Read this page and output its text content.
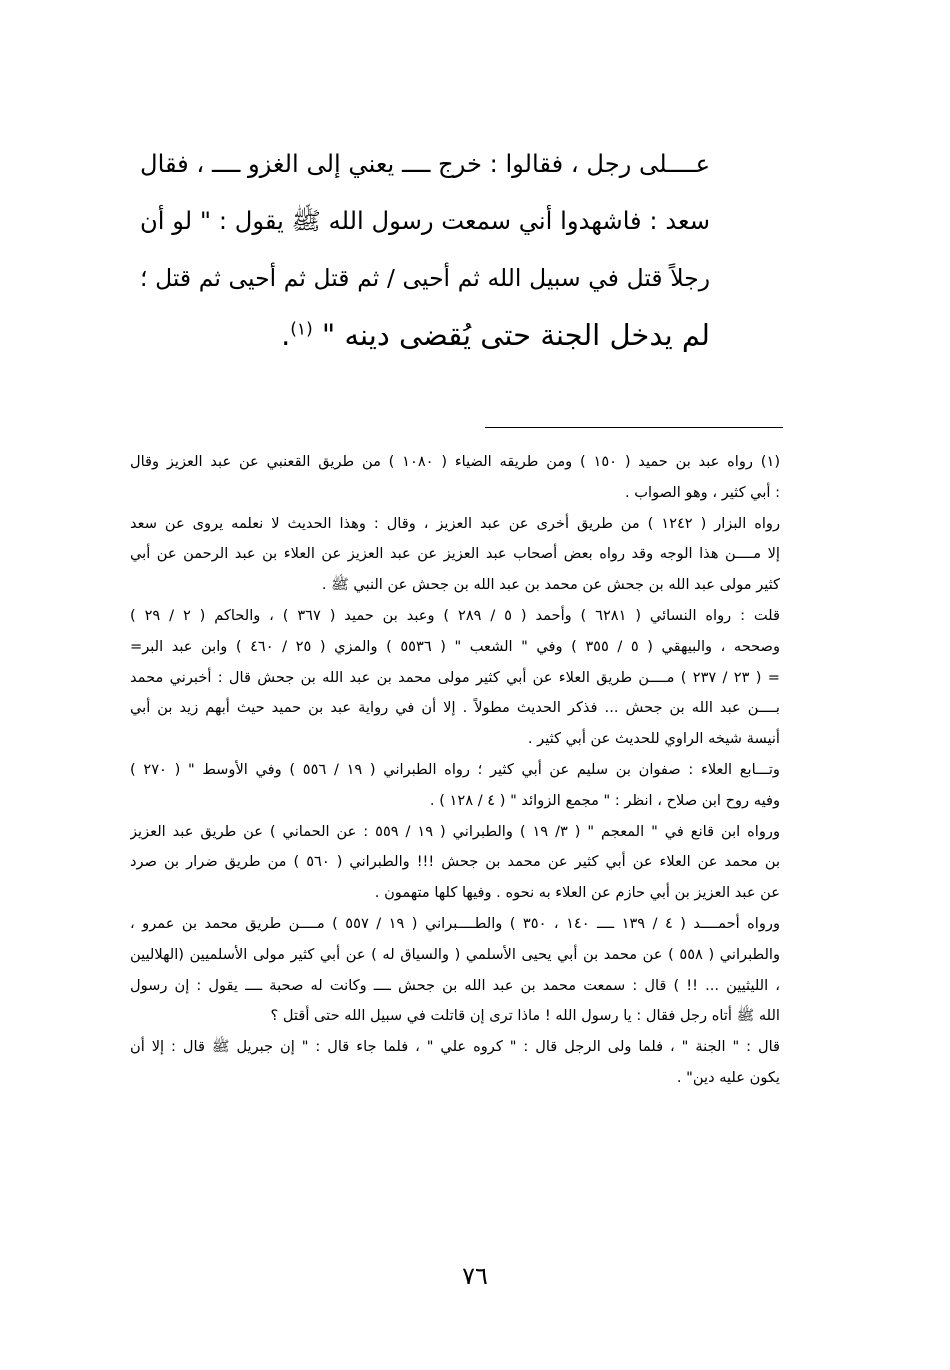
عــــلى رجل ، فقالوا : خرج ــــ يعني إلى الغزو ــــ ، فقال

سعد : فاشهدوا أني سمعت رسول الله ﷺ يقول : " لو أن

رجلاً قتل في سبيل الله ثم أحيى / ثم قتل ثم أحيى ثم قتل ؛

لم يدخل الجنة حتى يُقضى دينه " $^{(١)}$.

(١) رواه عبد بن حميد ( ١٥٠ ) ومن طريقه الضياء ( ١٠٨٠ ) من طريق القعنبي عن عبد العزيز وقال
: أبي كثير ، وهو الصواب .
رواه البزار ( ١٢٤٢ ) من طريق أخرى عن عبد العزيز ، وقال : وهذا الحديث لا نعلمه يروى عن سعد
إلا مــــن هذا الوجه وقد رواه بعض أصحاب عبد العزيز عن عبد العزيز عن العلاء بن عبد الرحمن عن أبي
كثير مولى عبد الله بن جحش عن محمد بن عبد الله بن جحش عن النبي ﷺ .
قلت : رواه النسائي ( ٦٢٨١ ) وأحمد ( ٥ / ٢٨٩ ) وعبد بن حميد ( ٣٦٧ ) ، والحاكم ( ٢ / ٢٩ )
وصححه ، والبيهقي ( ٥ / ٣٥٥ ) وفي " الشعب " ( ٥٥٣٦ ) والمزي ( ٢٥ / ٤٦٠ ) وابن عبد البر=
= ( ٢٣ / ٢٣٧ ) مــــن طريق العلاء عن أبي كثير مولى محمد بن عبد الله بن جحش قال : أخبرني محمد
بــــن عبد الله بن جحش ... فذكر الحديث مطولاً . إلا أن في رواية عبد بن حميد حيث أبهم زيد بن أبي
أنيسة شيخه الراوي للحديث عن أبي كثير .
وتـــابع العلاء : صفوان بن سليم عن أبي كثير ؛ رواه الطبراني ( ١٩ / ٥٥٦ ) وفي الأوسط " ( ٢٧٠ )
وفيه روح ابن صلاح ، انظر : " مجمع الزوائد " ( ٤ / ١٢٨ ) .
ورواه ابن قانع في " المعجم " ( ٣/ ١٩ ) والطبراني ( ١٩ / ٥٥٩ : عن الحماني ) عن طريق عبد العزيز
بن محمد عن العلاء عن أبي كثير عن محمد بن جحش !!! والطبراني ( ٥٦٠ ) من طريق ضرار بن صرد
عن عبد العزيز بن أبي حازم عن العلاء به نحوه . وفيها كلها متهمون .
ورواه أحمــــد ( ٤ / ١٣٩ ــــ ١٤٠ ، ٣٥٠ ) والطــــبراني ( ١٩ / ٥٥٧ ) مــــن طريق محمد بن عمرو ،
والطبراني ( ٥٥٨ ) عن محمد بن أبي يحيى الأسلمي ( والسياق له ) عن أبي كثير مولى الأسلميين (الهلاليين
، الليثيين ... !! ) قال : سمعت محمد بن عبد الله بن جحش ــــ وكانت له صحبة ــــ يقول : إن رسول
الله ﷺ أتاه رجل فقال : يا رسول الله ! ماذا ترى إن قاتلت في سبيل الله حتى أقتل ؟
قال : " الجنة " ، فلما ولى الرجل قال : " كروه علي " ، فلما جاء قال : " إن جبريل ﷺ قال : إلا أن
يكون عليه دين" .
٧٦
